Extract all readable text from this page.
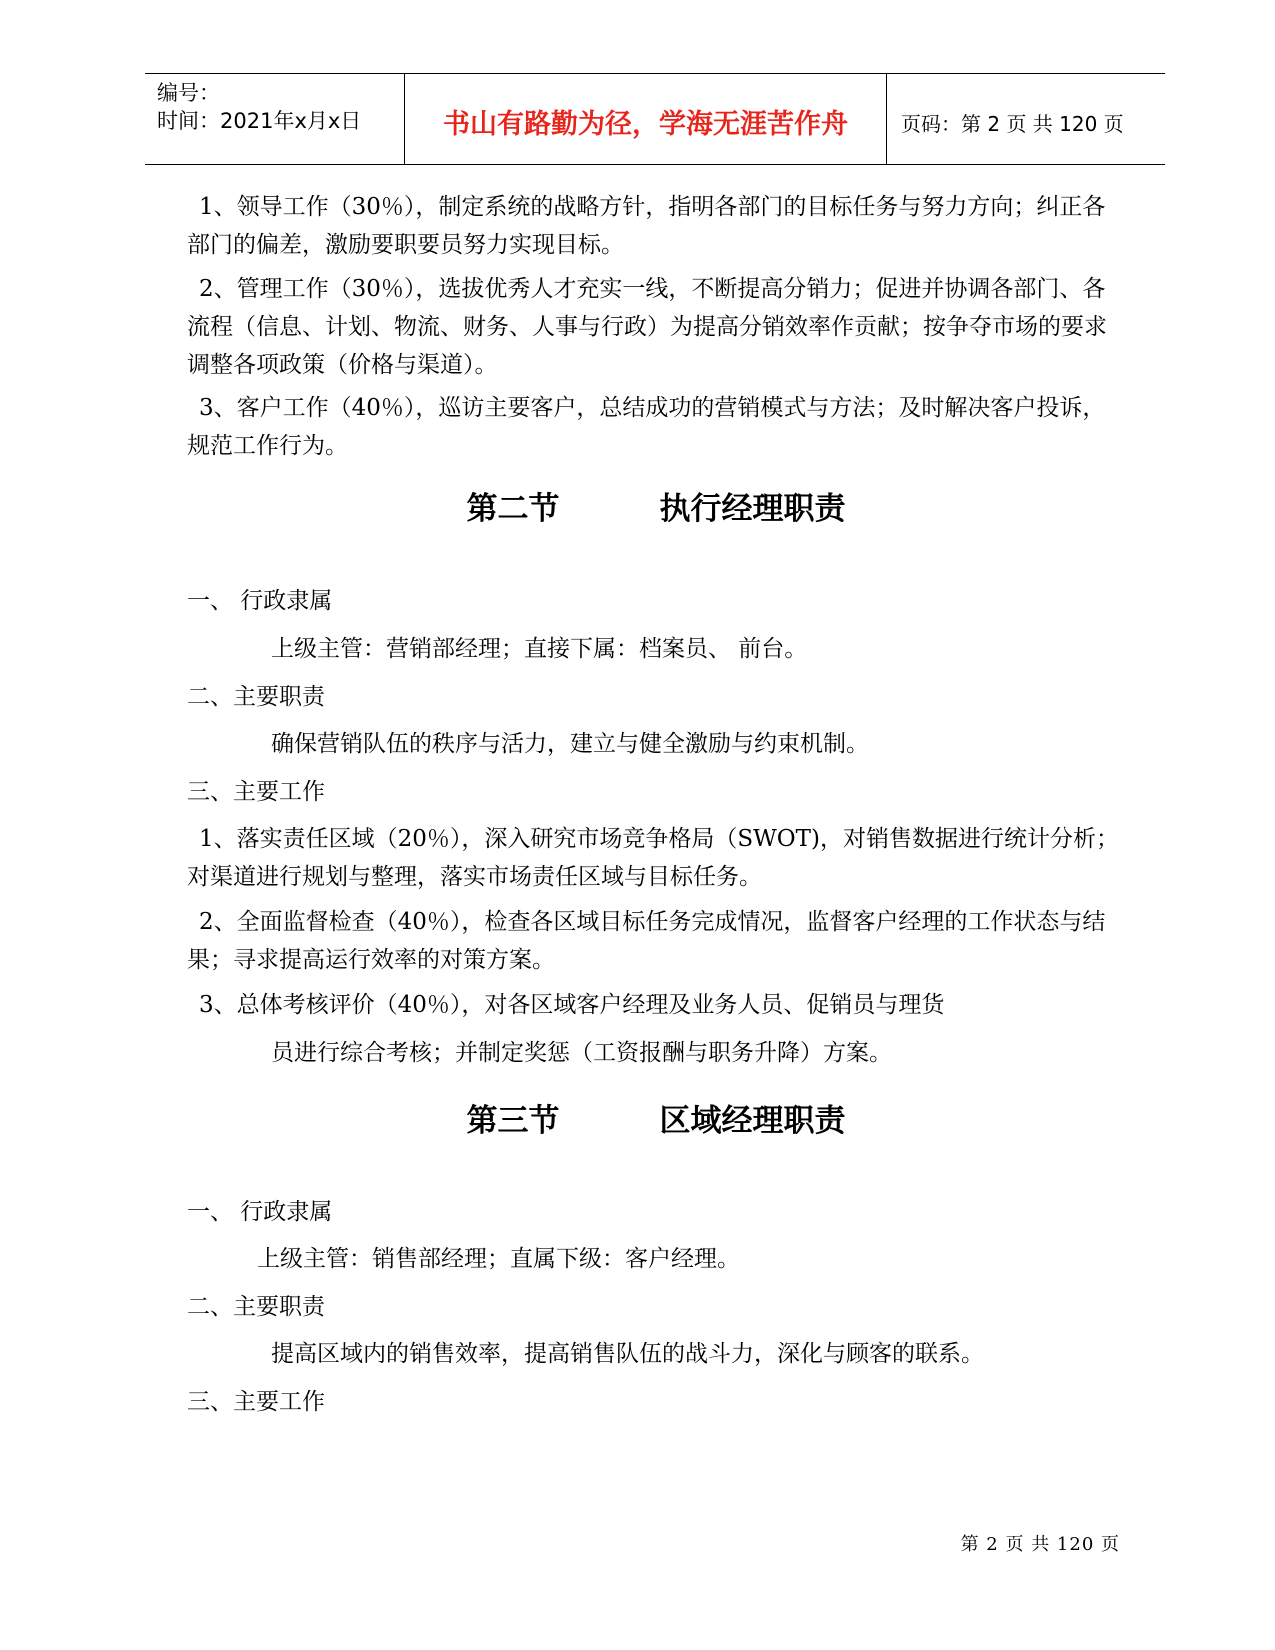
编号：
时间：2021年x月x日	书山有路勤为径，学海无涯苦作舟	页码：第 2 页 共 120 页
1、领导工作（30％），制定系统的战略方针，指明各部门的目标任务与努力方向；纠正各部门的偏差，激励要职要员努力实现目标。
2、管理工作（30％），选拔优秀人才充实一线，不断提高分销力；促进并协调各部门、各流程（信息、计划、物流、财务、人事与行政）为提高分销效率作贡献；按争夺市场的要求调整各项政策（价格与渠道）。
3、客户工作（40％），巡访主要客户，总结成功的营销模式与方法；及时解决客户投诉，规范工作行为。
第二节	执行经理职责
一、 行政隶属
上级主管：营销部经理；直接下属：档案员、 前台。
二、主要职责
确保营销队伍的秩序与活力，建立与健全激励与约束机制。
三、主要工作
1、落实责任区域（20％），深入研究市场竞争格局（SWOT)，对销售数据进行统计分析；对渠道进行规划与整理，落实市场责任区域与目标任务。
2、全面监督检查（40％），检查各区域目标任务完成情况，监督客户经理的工作状态与结果；寻求提高运行效率的对策方案。
3、总体考核评价（40％），对各区域客户经理及业务人员、促销员与理货
员进行综合考核；并制定奖惩（工资报酬与职务升降）方案。
第三节	区域经理职责
一、 行政隶属
上级主管：销售部经理；直属下级：客户经理。
二、主要职责
提高区域内的销售效率，提高销售队伍的战斗力，深化与顾客的联系。
三、主要工作
第 2 页 共 120 页
